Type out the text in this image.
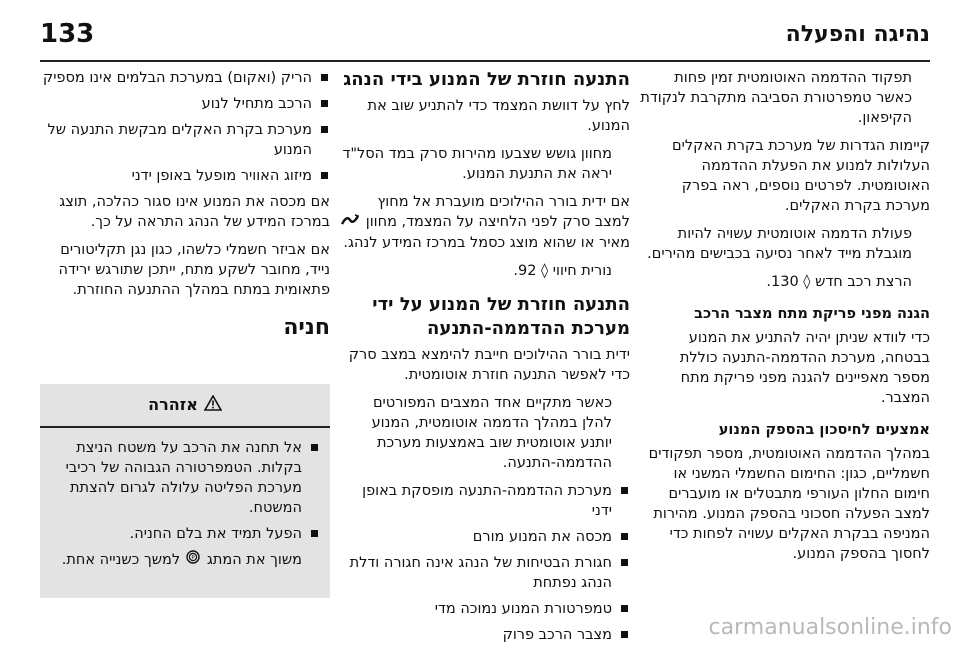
133	נהיגה והפעלה

תפקוד ההדממה האוטומטית זמין פחות כאשר טמפרטורת הסביבה מתקרבת לנקודת הקיפאון.

קיימות הגדרות של מערכת בקרת האקלים העלולות למנוע את הפעלת ההדממה האוטומטית. לפרטים נוספים, ראה בפרק מערכת בקרת האקלים.

פעולת הדממה אוטומטית עשויה להיות מוגבלת מייד לאחר נסיעה בכבישים מהירים.

הרצת רכב חדש ◊ 130.

הגנה מפני פריקת מתח מצבר הרכב

כדי לוודא שניתן יהיה להתניע את המנוע בבטחה, מערכת ההדממה-התנעה כוללת מספר מאפיינים להגנה מפני פריקת מתח המצבר.

אמצעים לחיסכון בהספק המנוע

במהלך ההדממה האוטומטית, מספר תפקודים חשמליים, כגון: החימום החשמלי המשני או חימום החלון העורפי מתבטלים או מועברים למצב הפעלה חסכוני בהספק המנוע. מהירות המניפה בבקרת האקלים עשויה לפחות כדי לחסוך בהספק המנוע.

התנעה חוזרת של המנוע בידי הנהג

לחץ על דוושת המצמד כדי להתניע שוב את המנוע.

מחוון גושש שצבעו מהירות סרק במד הסל"ד יראה את התנעת המנוע.

אם ידית בורר ההילוכים מועברת אל מחוץ למצב סרק לפני הלחיצה על המצמד, מחוון  מאיר או שהוא מוצג כסמל במרכז המידע לנהג.

נורית חיווי ◊ 92.

התנעה חוזרת של המנוע על ידי מערכת ההדממה-התנעה

ידית בורר ההילוכים חייבת להימצא במצב סרק כדי לאפשר התנעה חוזרת אוטומטית.

כאשר מתקיים אחד המצבים המפורטים להלן במהלך הדממה אוטומטית, המנוע יותנע אוטומטית שוב באמצעות מערכת ההדממה-התנעה.

מערכת ההדממה-התנעה מופסקת באופן ידני
מכסה את המנוע מורם
חגורת הבטיחות של הנהג אינה חגורה ודלת הנהג נפתחת
טמפרטורת המנוע נמוכה מדי
מצבר הרכב פרוק
הריק (ואקום) במערכת הבלמים אינו מספיק
הרכב מתחיל לנוע
מערכת בקרת האקלים מבקשת התנעה של המנוע
מיזוג האוויר מופעל באופן ידני

אם מכסה את המנוע אינו סגור כהלכה, תוצג במרכז המידע של הנהג התראה על כך.

אם אביזר חשמלי כלשהו, כגון נגן תקליטורים נייד, מחובר לשקע מתח, ייתכן שתורגש ירידה פתאומית במתח במהלך ההתנעה החוזרת.

חניה
אזהרה
אל תחנה את הרכב על משטח הניצת בקלות. הטמפרטורה הגבוהה של רכיבי מערכת הפליטה עלולה לגרום להצתת המשטח.
הפעל תמיד את בלם החניה.

משוך את המתג
P
למשך כשנייה אחת.

carmanualsonline.info
